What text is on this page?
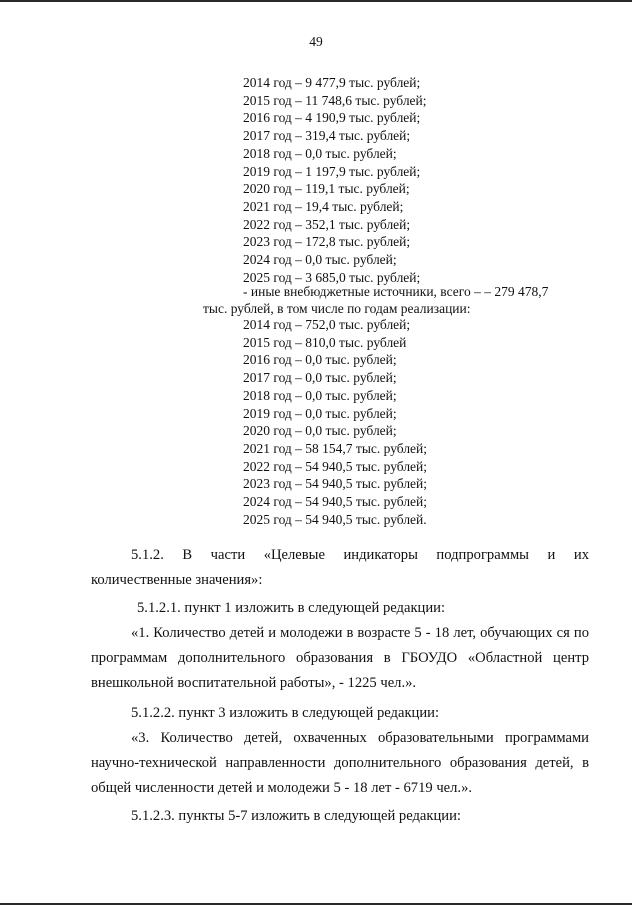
49
2014 год – 9 477,9 тыс. рублей;
2015 год – 11 748,6 тыс. рублей;
2016 год – 4 190,9 тыс. рублей;
2017 год – 319,4 тыс. рублей;
2018 год – 0,0 тыс. рублей;
2019 год – 1 197,9 тыс. рублей;
2020 год – 119,1 тыс. рублей;
2021 год – 19,4 тыс. рублей;
2022 год – 352,1 тыс. рублей;
2023 год – 172,8 тыс. рублей;
2024 год – 0,0 тыс. рублей;
2025 год – 3 685,0 тыс. рублей;
- иные внебюджетные источники, всего – – 279 478,7
тыс. рублей, в том числе по годам реализации:
2014 год – 752,0 тыс. рублей;
2015 год – 810,0 тыс. рублей
2016 год – 0,0 тыс. рублей;
2017 год – 0,0 тыс. рублей;
2018 год – 0,0 тыс. рублей;
2019 год – 0,0 тыс. рублей;
2020 год – 0,0 тыс. рублей;
2021 год – 58 154,7 тыс. рублей;
2022 год – 54 940,5 тыс. рублей;
2023 год – 54 940,5 тыс. рублей;
2024 год – 54 940,5 тыс. рублей;
2025 год – 54 940,5 тыс. рублей.
5.1.2. В части «Целевые индикаторы подпрограммы и их количественные значения»:
5.1.2.1. пункт 1 изложить в следующей редакции:
«1. Количество детей и молодежи в возрасте 5 - 18 лет, обучающих ся по программам дополнительного образования в ГБОУДО «Областной центр внешкольной воспитательной работы», - 1225 чел.».
5.1.2.2. пункт 3 изложить в следующей редакции:
«3. Количество детей, охваченных образовательными программами научно-технической направленности дополнительного образования детей, в общей численности детей и молодежи 5 - 18 лет - 6719 чел.».
5.1.2.3. пункты 5-7 изложить в следующей редакции:
